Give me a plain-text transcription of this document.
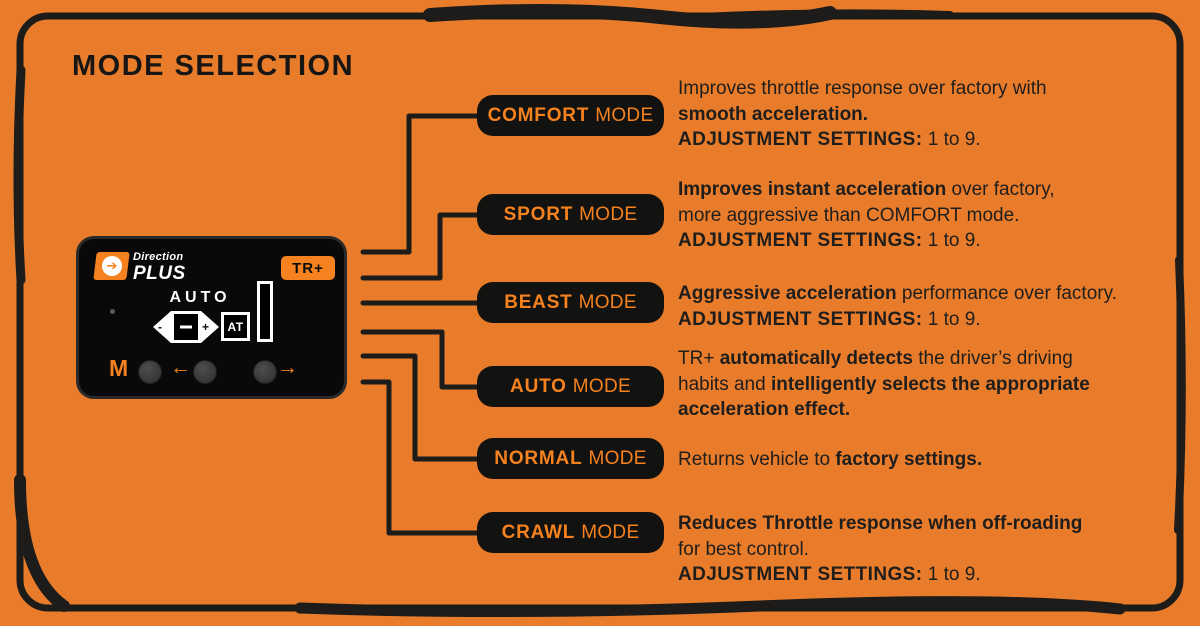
MODE SELECTION
➔
Direction
PLUS	TR+
AUTO
-	+	AT
M ←	→
COMFORT MODE
SPORT MODE
BEAST MODE
AUTO MODE
NORMAL MODE
CRAWL MODE
Improves throttle response over factory with
smooth acceleration.
ADJUSTMENT SETTINGS: 1 to 9.
Improves instant acceleration over factory,
more aggressive than COMFORT mode.
ADJUSTMENT SETTINGS: 1 to 9.
Aggressive acceleration performance over factory.
ADJUSTMENT SETTINGS: 1 to 9.
TR+ automatically detects the driver’s driving
habits and intelligently selects the appropriate
acceleration effect.
Returns vehicle to factory settings.
Reduces Throttle response when off-roading
for best control.
ADJUSTMENT SETTINGS: 1 to 9.
